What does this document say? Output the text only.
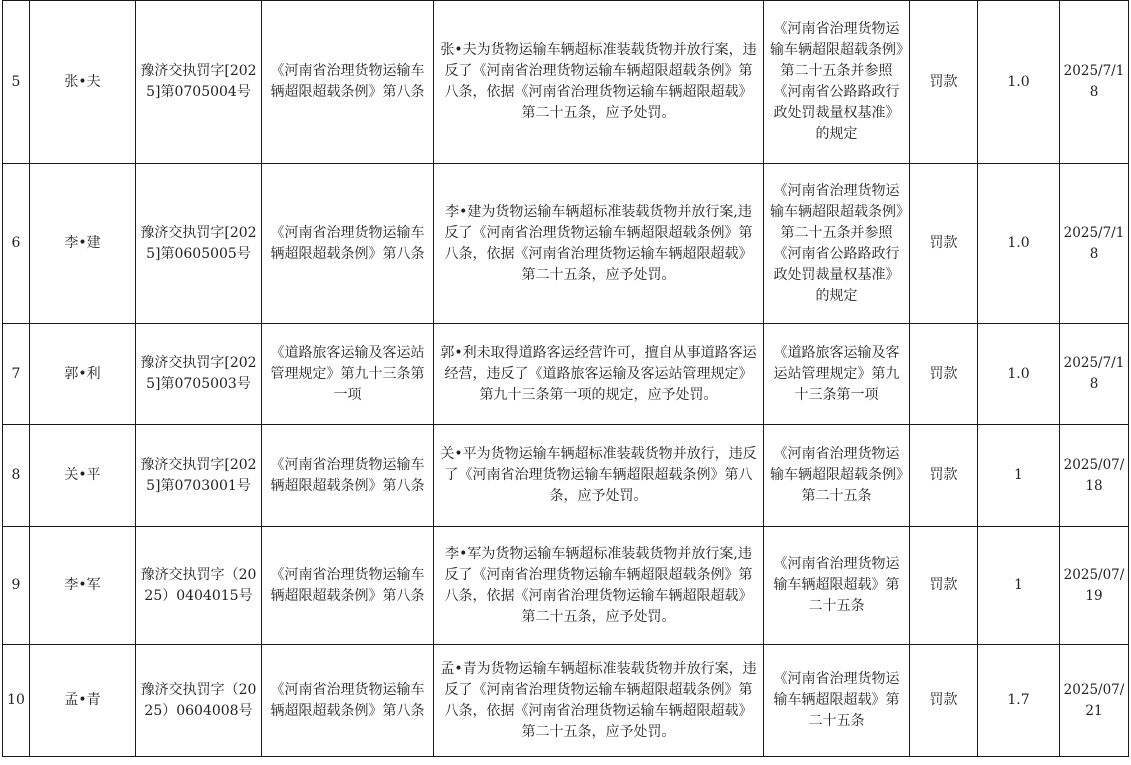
5	张•夫	豫济交执罚字[2025]第0705004号	《河南省治理货物运输车辆超限超载条例》第八条	张•夫为货物运输车辆超标准装载货物并放行案，违反了《河南省治理货物运输车辆超限超载条例》第八条，依据《河南省治理货物运输车辆超限超载》第二十五条，应予处罚。	《河南省治理货物运输车辆超限超载条例》第二十五条并参照《河南省公路路政行政处罚裁量权基准》的规定	罚款	1.0	2025/7/18
6	李•建	豫济交执罚字[2025]第0605005号	《河南省治理货物运输车辆超限超载条例》第八条	李•建为货物运输车辆超标准装载货物并放行案,违反了《河南省治理货物运输车辆超限超载条例》第八条，依据《河南省治理货物运输车辆超限超载》第二十五条，应予处罚。	《河南省治理货物运输车辆超限超载条例》第二十五条并参照《河南省公路路政行政处罚裁量权基准》的规定	罚款	1.0	2025/7/18
7	郭•利	豫济交执罚字[2025]第0705003号	《道路旅客运输及客运站管理规定》第九十三条第一项	郭•利未取得道路客运经营许可，擅自从事道路客运经营，违反了《道路旅客运输及客运站管理规定》第九十三条第一项的规定，应予处罚。	《道路旅客运输及客运站管理规定》第九十三条第一项	罚款	1.0	2025/7/18
8	关•平	豫济交执罚字[2025]第0703001号	《河南省治理货物运输车辆超限超载条例》第八条	关•平为货物运输车辆超标准装载货物并放行，违反了《河南省治理货物运输车辆超限超载条例》第八条，应予处罚。	《河南省治理货物运输车辆超限超载条例》第二十五条	罚款	1	2025/07/18
9	李•军	豫济交执罚字（2025）0404015号	《河南省治理货物运输车辆超限超载条例》第八条	李•军为货物运输车辆超标准装载货物并放行案,违反了《河南省治理货物运输车辆超限超载条例》第八条，依据《河南省治理货物运输车辆超限超载》第二十五条，应予处罚。	《河南省治理货物运输车辆超限超载》第二十五条	罚款	1	2025/07/19
10	孟•青	豫济交执罚字（2025）0604008号	《河南省治理货物运输车辆超限超载条例》第八条	孟•青为货物运输车辆超标准装载货物并放行案，违反了《河南省治理货物运输车辆超限超载条例》第八条，依据《河南省治理货物运输车辆超限超载》第二十五条，应予处罚。	《河南省治理货物运输车辆超限超载》第二十五条	罚款	1.7	2025/07/21
